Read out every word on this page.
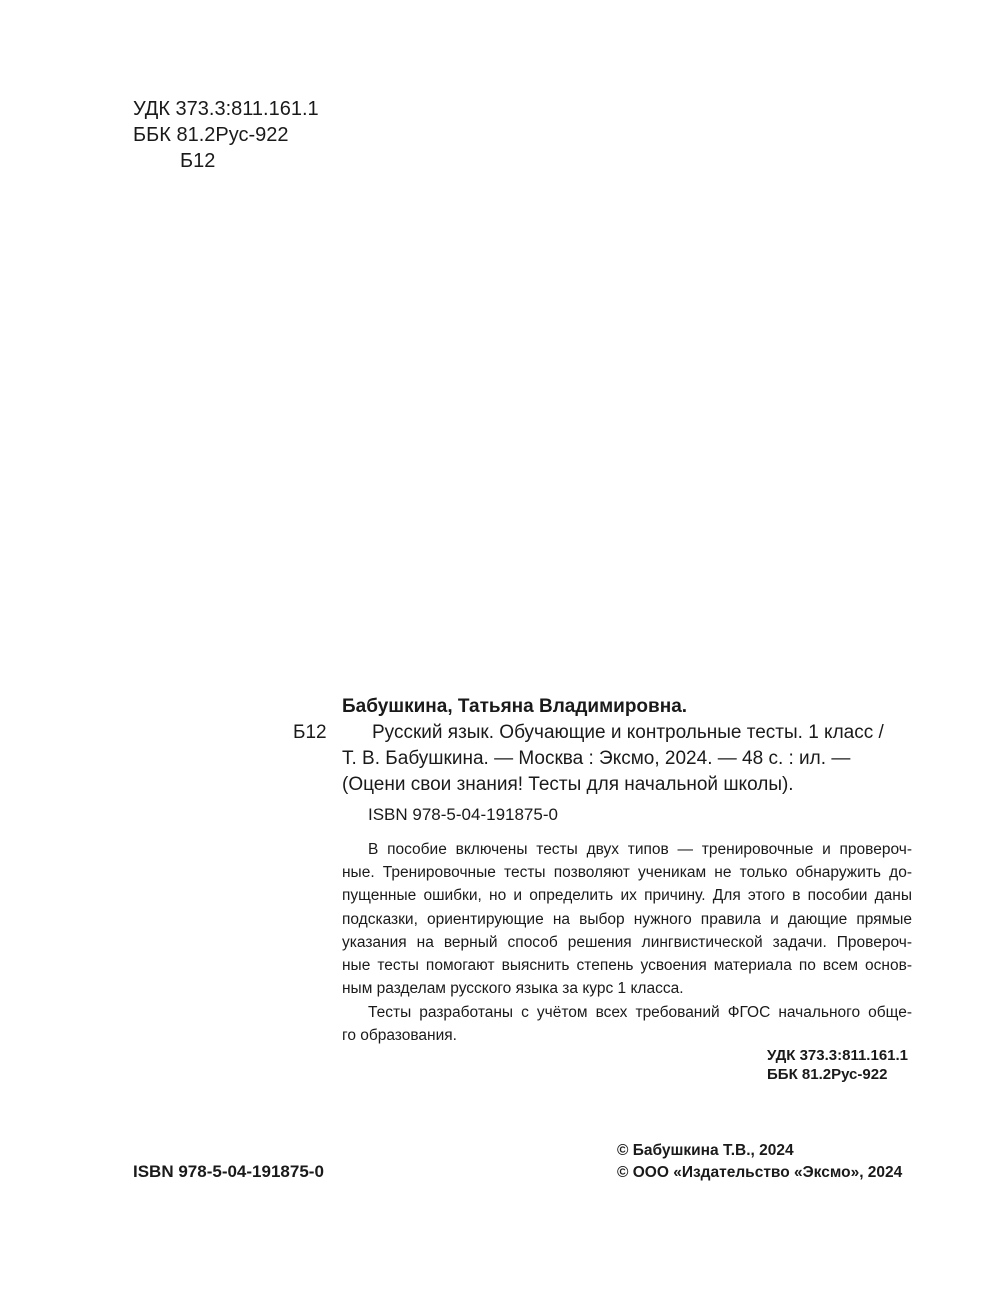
УДК 373.3:811.161.1
ББК 81.2Рус-922
Б12
Бабушкина, Татьяна Владимировна.
Б12 Русский язык. Обучающие и контрольные тесты. 1 класс /
Т. В. Бабушкина. — Москва : Эксмо, 2024. — 48 с. : ил. —
(Оцени свои знания! Тесты для начальной школы).
ISBN 978-5-04-191875-0
В пособие включены тесты двух типов — тренировочные и провероч-
ные. Тренировочные тесты позволяют ученикам не только обнаружить до-
пущенные ошибки, но и определить их причину. Для этого в пособии даны
подсказки, ориентирующие на выбор нужного правила и дающие прямые
указания на верный способ решения лингвистической задачи. Провероч-
ные тесты помогают выяснить степень усвоения материала по всем основ-
ным разделам русского языка за курс 1 класса.
Тесты разработаны с учётом всех требований ФГОС начального обще-
го образования.
УДК 373.3:811.161.1
ББК 81.2Рус-922
ISBN 978-5-04-191875-0
© Бабушкина Т.В., 2024
© ООО «Издательство «Эксмо», 2024
